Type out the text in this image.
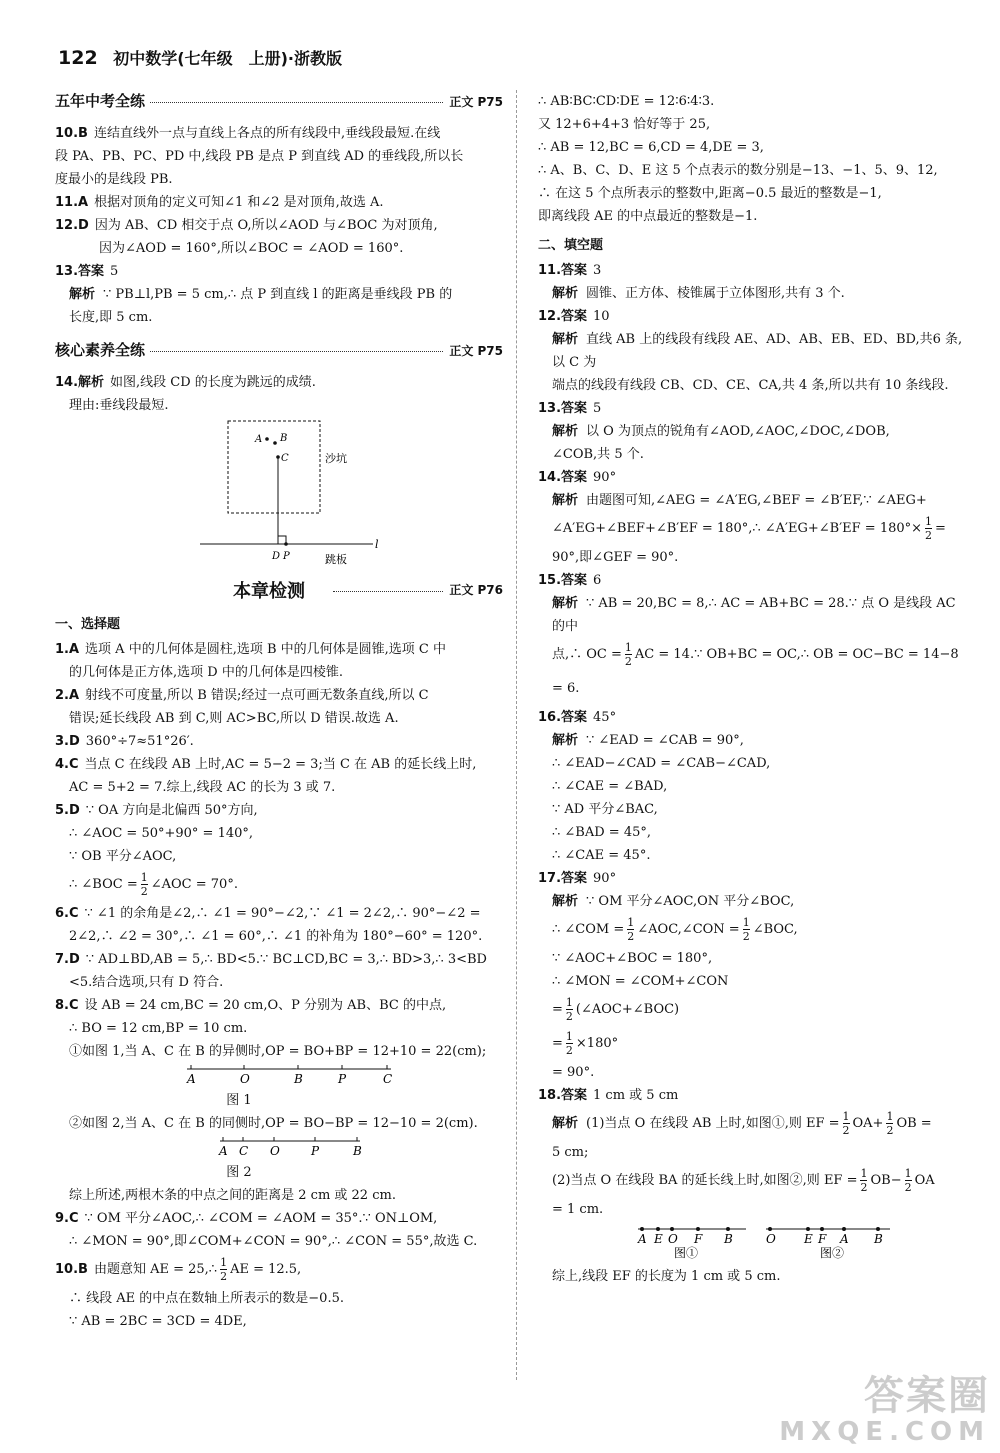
122 初中数学(七年级　上册)·浙教版
五年中考全练	正文 P75

10.B 连结直线外一点与直线上各点的所有线段中,垂线段最短.在线

段 PA、PB、PC、PD 中,线段 PB 是点 P 到直线 AD 的垂线段,所以长

度最小的是线段 PB.

11.A 根据对顶角的定义可知∠1 和∠2 是对顶角,故选 A.

12.D 因为 AB、CD 相交于点 O,所以∠AOD 与∠BOC 为对顶角,

因为∠AOD = 160°,所以∠BOC = ∠AOD = 160°.

13.答案 5

解析 ∵ PB⊥l,PB = 5 cm,∴ 点 P 到直线 l 的距离是垂线段 PB 的

长度,即 5 cm.

核心素养全练	正文 P75

14.解析 如图,线段 CD 的长度为跳远的成绩.

理由:垂线段最短.

A B
C	沙坑
l
D P	跳板
本章检测	正文 P76
一、选择题

1.A 选项 A 中的几何体是圆柱,选项 B 中的几何体是圆锥,选项 C 中

的几何体是正方体,选项 D 中的几何体是四棱锥.

2.A 射线不可度量,所以 B 错误;经过一点可画无数条直线,所以 C

错误;延长线段 AB 到 C,则 AC>BC,所以 D 错误.故选 A.

3.D 360°÷7≈51°26′.

4.C 当点 C 在线段 AB 上时,AC = 5−2 = 3;当 C 在 AB 的延长线上时,

AC = 5+2 = 7.综上,线段 AC 的长为 3 或 7.

5.D ∵ OA 方向是北偏西 50°方向,

∴ ∠AOC = 50°+90° = 140°,

∵ OB 平分∠AOC,

∴ ∠BOC = $\frac{1}{2}$ ∠AOC = 70°.

6.C ∵ ∠1 的余角是∠2,∴ ∠1 = 90°−∠2,∵ ∠1 = 2∠2,∴ 90°−∠2 =

2∠2,∴ ∠2 = 30°,∴ ∠1 = 60°,∴ ∠1 的补角为 180°−60° = 120°.

7.D ∵ AD⊥BD,AB = 5,∴ BD<5.∵ BC⊥CD,BC = 3,∴ BD>3,∴ 3<BD

<5.结合选项,只有 D 符合.

8.C 设 AB = 24 cm,BC = 20 cm,O、P 分别为 AB、BC 的中点,

∴ BO = 12 cm,BP = 10 cm.

①如图 1,当 A、C 在 B 的异侧时,OP = BO+BP = 12+10 = 22(cm);

A	O	B	P	C

图 1

②如图 2,当 A、C 在 B 的同侧时,OP = BO−BP = 12−10 = 2(cm).

A C O	P	B

图 2

综上所述,两根木条的中点之间的距离是 2 cm 或 22 cm.

9.C ∵ OM 平分∠AOC,∴ ∠COM = ∠AOM = 35°.∵ ON⊥OM,

∴ ∠MON = 90°,即∠COM+∠CON = 90°,∴ ∠CON = 55°,故选 C.

10.B 由题意知 AE = 25,∴ $\frac{1}{2}$ AE = 12.5,

∴ 线段 AE 的中点在数轴上所表示的数是−0.5.

∵ AB = 2BC = 3CD = 4DE,

∴ AB∶BC∶CD∶DE = 12∶6∶4∶3.

又 12+6+4+3 恰好等于 25,

∴ AB = 12,BC = 6,CD = 4,DE = 3,

∴ A、B、C、D、E 这 5 个点表示的数分别是−13、−1、5、9、12,

∴ 在这 5 个点所表示的整数中,距离−0.5 最近的整数是−1,

即离线段 AE 的中点最近的整数是−1.

二、填空题

11.答案 3

解析 圆锥、正方体、棱锥属于立体图形,共有 3 个.

12.答案 10

解析 直线 AB 上的线段有线段 AE、AD、AB、EB、ED、BD,共6 条,以 C 为

端点的线段有线段 CB、CD、CE、CA,共 4 条,所以共有 10 条线段.

13.答案 5

解析 以 O 为顶点的锐角有∠AOD,∠AOC,∠DOC,∠DOB,

∠COB,共 5 个.

14.答案 90°

解析 由题图可知,∠AEG = ∠A′EG,∠BEF = ∠B′EF,∵ ∠AEG+

∠A′EG+∠BEF+∠B′EF = 180°,∴ ∠A′EG+∠B′EF = $180^\circ\times \frac{1}{2}$ =

90°,即∠GEF = 90°.

15.答案 6

解析 ∵ AB = 20,BC = 8,∴ AC = AB+BC = 28.∵ 点 O 是线段 AC 的中

点,∴ OC = $\frac{1}{2}$ AC = 14.∵ OB+BC = OC,∴ OB = OC−BC = 14−8 = 6.

16.答案 45°

解析 ∵ ∠EAD = ∠CAB = 90°,

∴ ∠EAD−∠CAD = ∠CAB−∠CAD,

∴ ∠CAE = ∠BAD,

∵ AD 平分∠BAC,

∴ ∠BAD = 45°,

∴ ∠CAE = 45°.

17.答案 90°

解析 ∵ OM 平分∠AOC,ON 平分∠BOC,

∴ ∠COM = $\frac{1}{2}$ ∠AOC,∠CON = $\frac{1}{2}$ ∠BOC,

∵ ∠AOC+∠BOC = 180°,

∴ ∠MON = ∠COM+∠CON

= $\frac{1}{2}$ (∠AOC+∠BOC)

= $\frac{1}{2} \times 180^\circ$

= 90°.

18.答案 1 cm 或 5 cm

解析 (1)当点 O 在线段 AB 上时,如图①,则 EF = $\frac{1}{2} OA+ \frac{1}{2}$ OB =

5 cm;

(2)当点 O 在线段 BA 的延长线上时,如图②,则 EF = $\frac{1}{2} OB- \frac{1}{2}$ OA

= 1 cm.

A E O F B
图①
O E F A B
图②

综上,线段 EF 的长度为 1 cm 或 5 cm.

答案圈
MXQE.COM
